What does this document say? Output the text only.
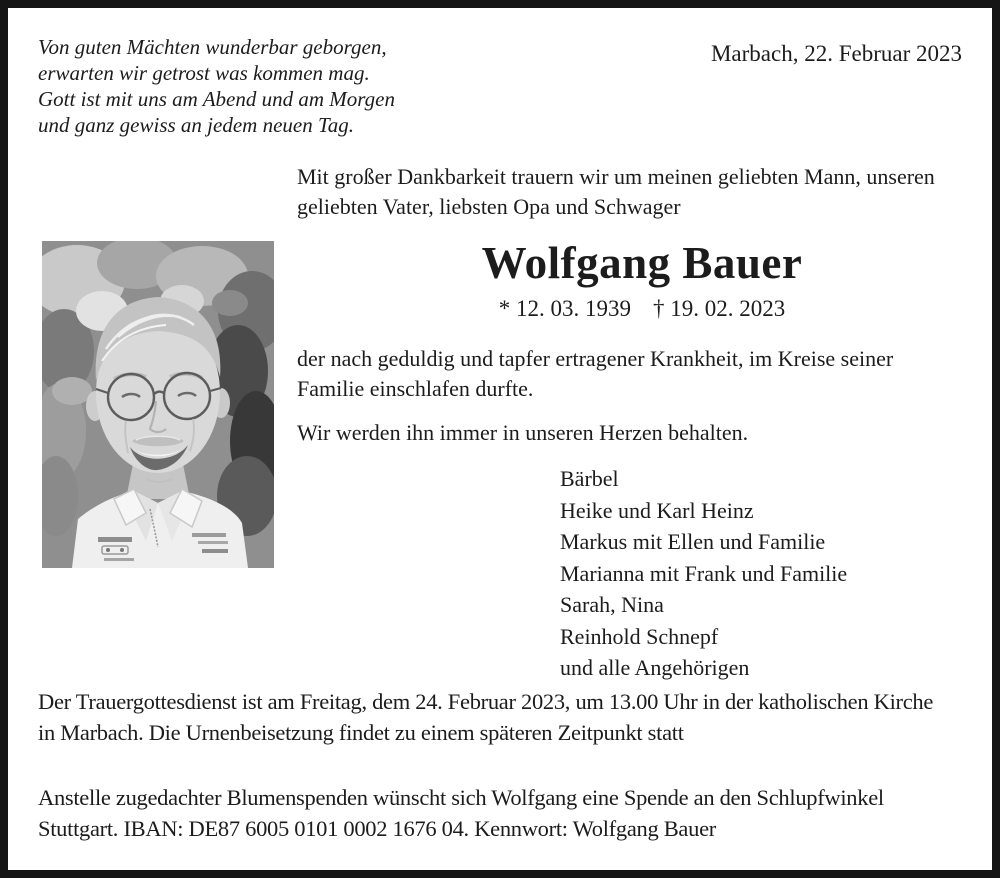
Von guten Mächten wunderbar geborgen,
erwarten wir getrost was kommen mag.
Gott ist mit uns am Abend und am Morgen
und ganz gewiss an jedem neuen Tag.
Marbach, 22. Februar 2023
Mit großer Dankbarkeit trauern wir um meinen geliebten Mann, unseren geliebten Vater, liebsten Opa und Schwager
Wolfgang Bauer
* 12. 03. 1939 † 19. 02. 2023
der nach geduldig und tapfer ertragener Krankheit, im Kreise seiner Familie einschlafen durfte.
Wir werden ihn immer in unseren Herzen behalten.
Bärbel
Heike und Karl Heinz
Markus mit Ellen und Familie
Marianna mit Frank und Familie
Sarah, Nina
Reinhold Schnepf
und alle Angehörigen
Der Trauergottesdienst ist am Freitag, dem 24. Februar 2023, um 13.00 Uhr in der katholischen Kirche in Marbach. Die Urnenbeisetzung findet zu einem späteren Zeitpunkt statt
Anstelle zugedachter Blumenspenden wünscht sich Wolfgang eine Spende an den Schlupfwinkel Stuttgart. IBAN: DE87 6005 0101 0002 1676 04. Kennwort: Wolfgang Bauer
